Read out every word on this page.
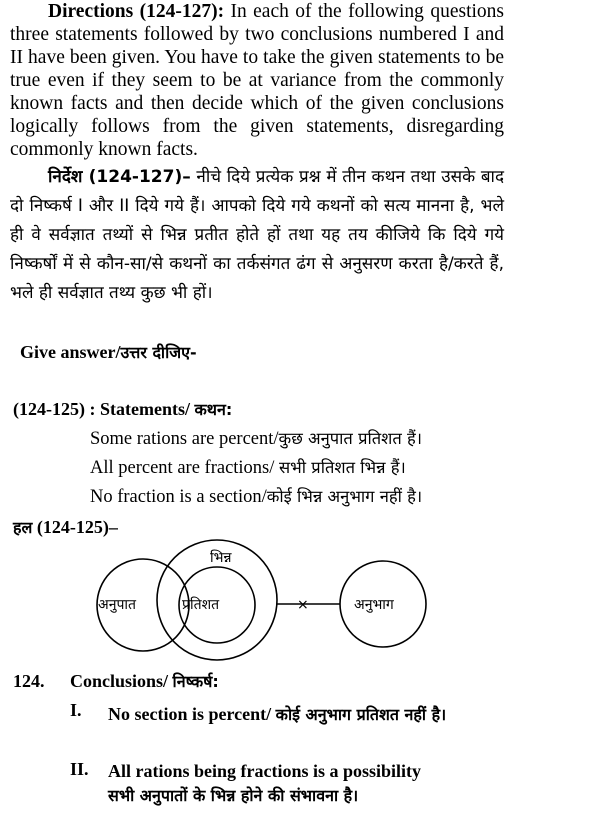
Directions (124-127): In each of the following questions three statements followed by two conclusions numbered I and II have been given. You have to take the given statements to be true even if they seem to be at variance from the commonly known facts and then decide which of the given conclusions logically follows from the given statements, disregarding commonly known facts.
निर्देश (124-127)– नीचे दिये प्रत्येक प्रश्न में तीन कथन तथा उसके बाद दो निष्कर्ष I और II दिये गये हैं। आपको दिये गये कथनों को सत्य मानना है, भले ही वे सर्वज्ञात तथ्यों से भिन्न प्रतीत होते हों तथा यह तय कीजिये कि दिये गये निष्कर्षों में से कौन-सा/से कथनों का तर्कसंगत ढंग से अनुसरण करता है/करते हैं, भले ही सर्वज्ञात तथ्य कुछ भी हों।
Give answer/उत्तर दीजिए-
(124-125) : Statements/ कथन:
Some rations are percent/कुछ अनुपात प्रतिशत हैं।
All percent are fractions/ सभी प्रतिशत भिन्न हैं।
No fraction is a section/कोई भिन्न अनुभाग नहीं है।
हल (124-125)–
अनुपात	प्रतिशत
भिन्न
×	अनुभाग
124. Conclusions/ निष्कर्ष:
I. No section is percent/ कोई अनुभाग प्रतिशत नहीं है।
II. All rations being fractions is a possibility
सभी अनुपातों के भिन्न होने की संभावना है।
